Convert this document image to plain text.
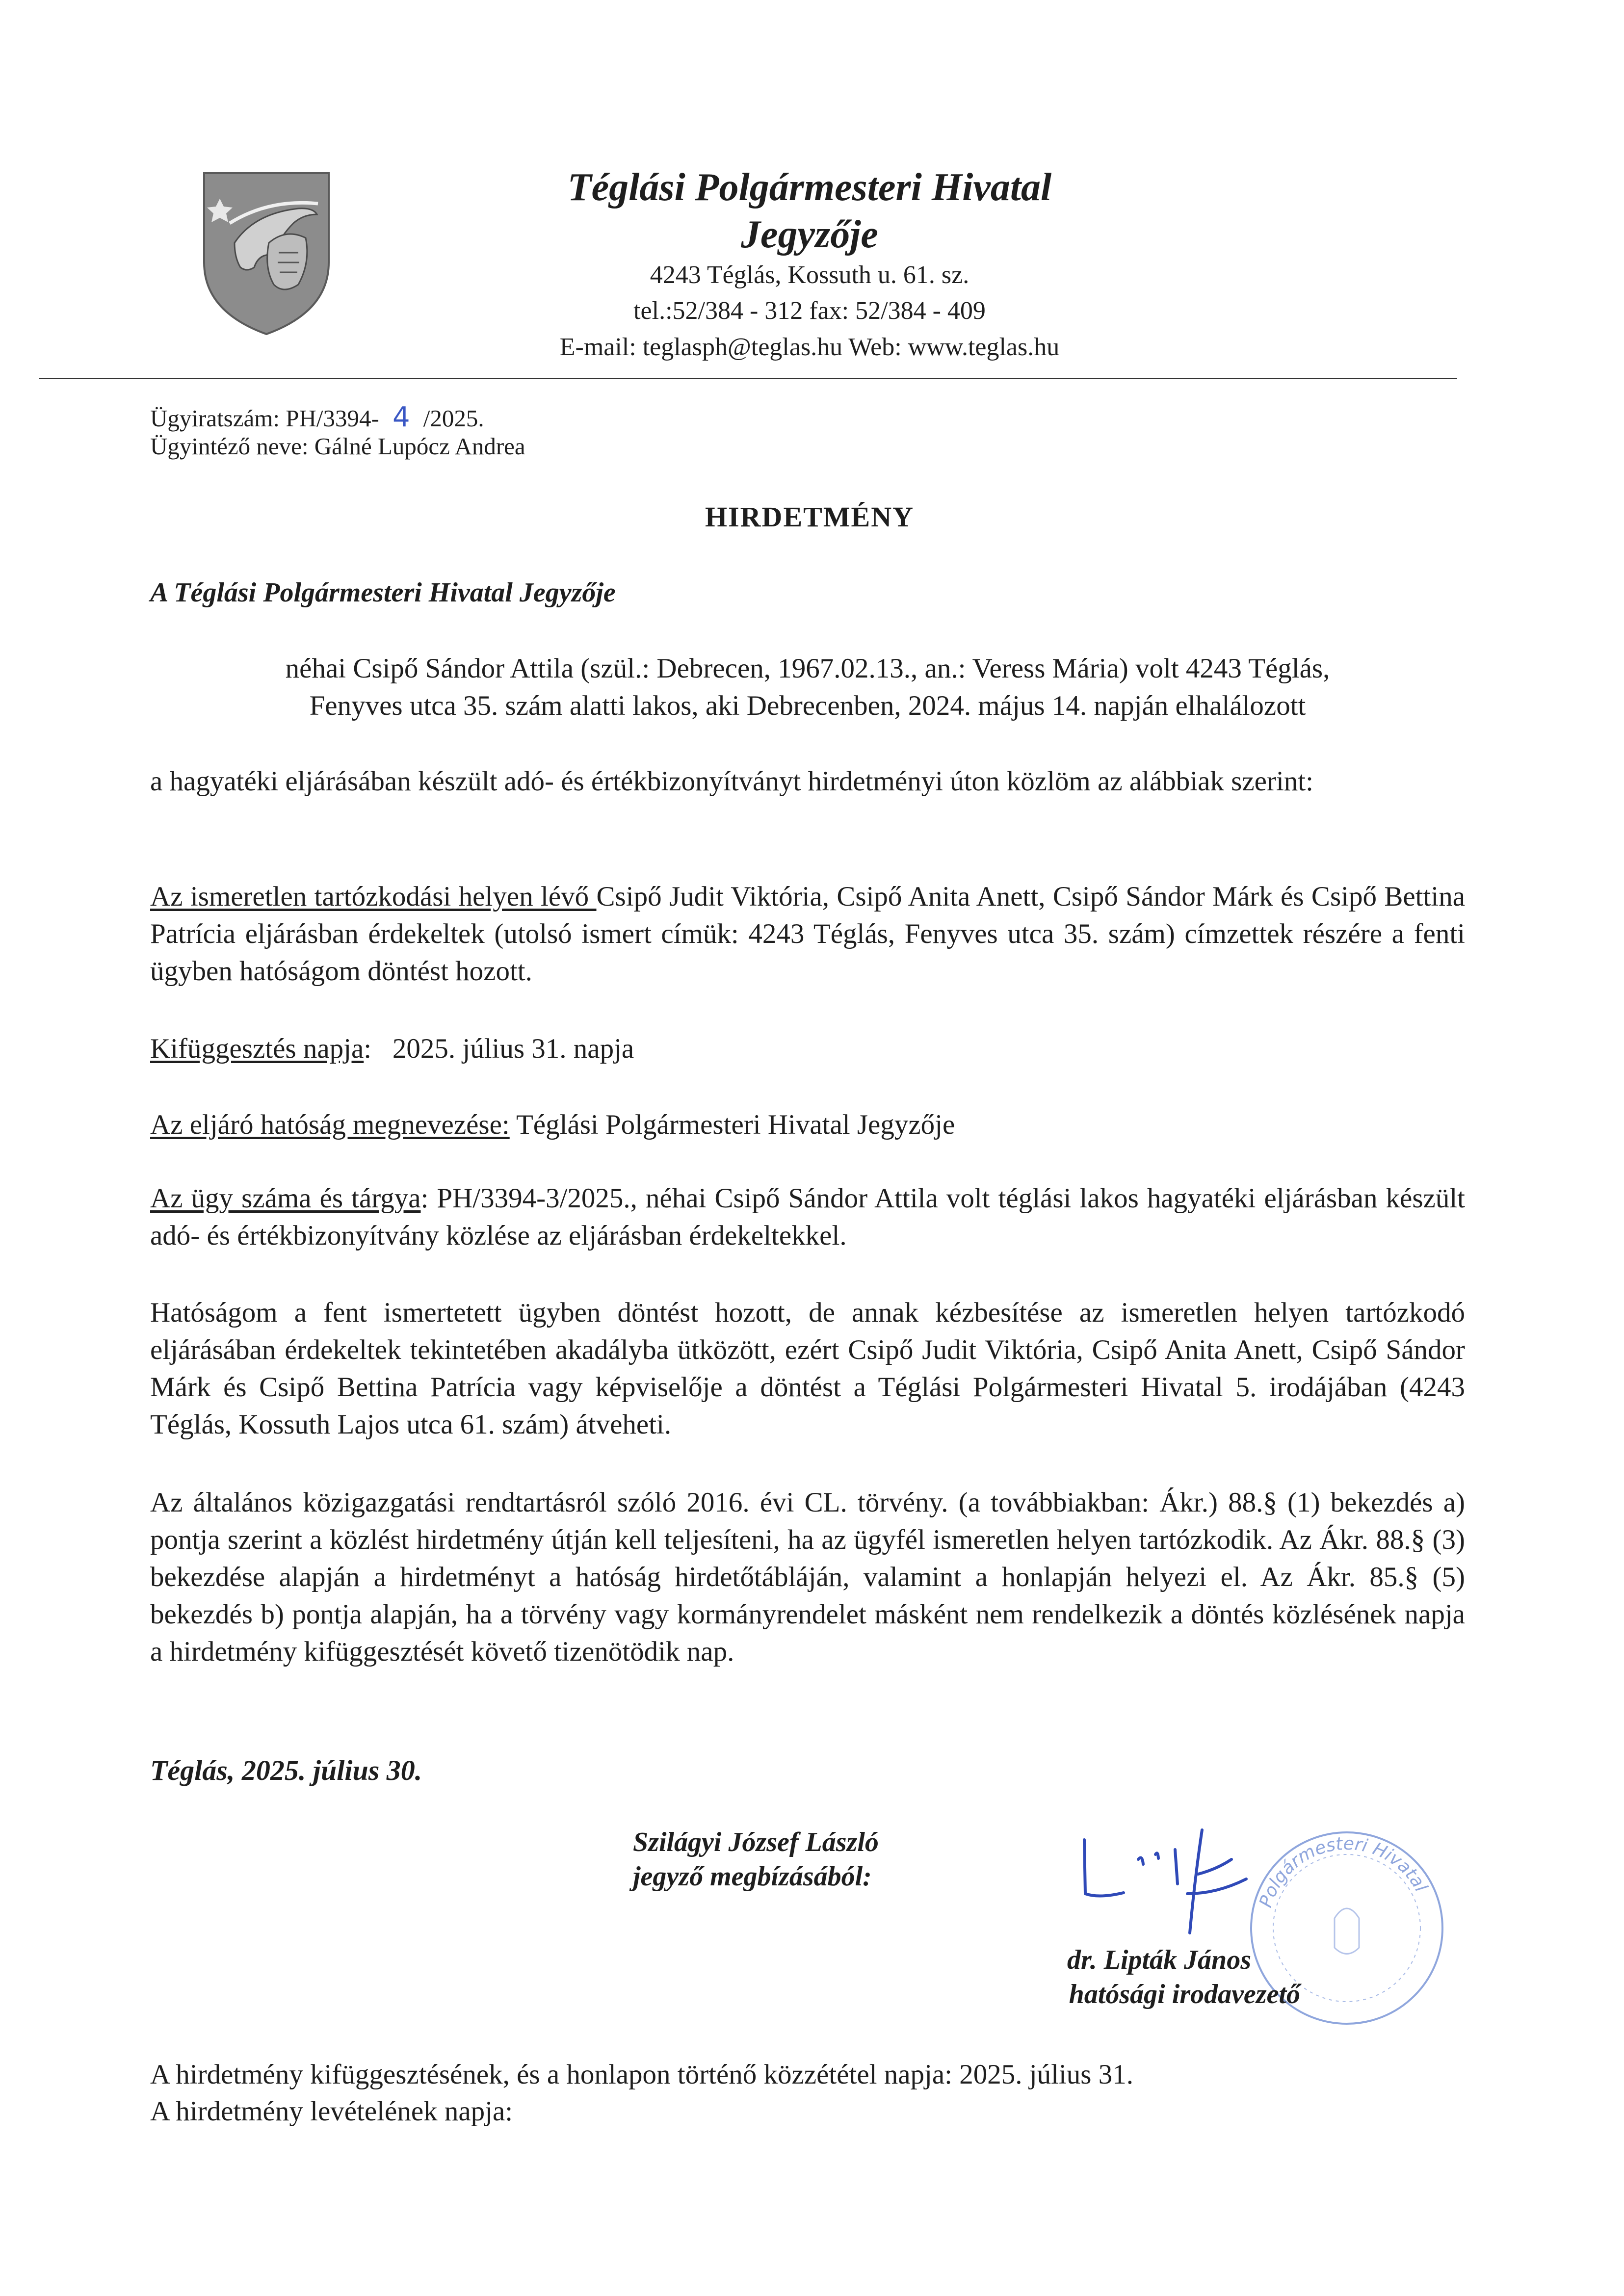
Téglási Polgármesteri Hivatal
Jegyzője
4243 Téglás, Kossuth u. 61. sz.
tel.:52/384 - 312 fax: 52/384 - 409
E-mail: teglasph@teglas.hu Web: www.teglas.hu
Ügyiratszám: PH/3394- 4 /2025.
Ügyintéző neve: Gálné Lupócz Andrea
HIRDETMÉNY
A Téglási Polgármesteri Hivatal Jegyzője
néhai Csipő Sándor Attila (szül.: Debrecen, 1967.02.13., an.: Veress Mária) volt 4243 Téglás,
Fenyves utca 35. szám alatti lakos, aki Debrecenben, 2024. május 14. napján elhalálozott
a hagyatéki eljárásában készült adó- és értékbizonyítványt hirdetményi úton közlöm az alábbiak szerint:
Az ismeretlen tartózkodási helyen lévő Csipő Judit Viktória, Csipő Anita Anett, Csipő Sándor Márk és Csipő Bettina Patrícia eljárásban érdekeltek (utolsó ismert címük: 4243 Téglás, Fenyves utca 35. szám) címzettek részére a fenti ügyben hatóságom döntést hozott.
Kifüggesztés napja:   2025. július 31. napja
Az eljáró hatóság megnevezése: Téglási Polgármesteri Hivatal Jegyzője
Az ügy száma és tárgya: PH/3394-3/2025., néhai Csipő Sándor Attila volt téglási lakos hagyatéki eljárásban készült adó- és értékbizonyítvány közlése az eljárásban érdekeltekkel.
Hatóságom a fent ismertetett ügyben döntést hozott, de annak kézbesítése az ismeretlen helyen tartózkodó eljárásában érdekeltek tekintetében akadályba ütközött, ezért Csipő Judit Viktória, Csipő Anita Anett, Csipő Sándor Márk és Csipő Bettina Patrícia vagy képviselője a döntést a Téglási Polgármesteri Hivatal 5. irodájában (4243 Téglás, Kossuth Lajos utca 61. szám) átveheti.
Az általános közigazgatási rendtartásról szóló 2016. évi CL. törvény. (a továbbiakban: Ákr.) 88.§ (1) bekezdés a) pontja szerint a közlést hirdetmény útján kell teljesíteni, ha az ügyfél ismeretlen helyen tartózkodik. Az Ákr. 88.§ (3) bekezdése alapján a hirdetményt a hatóság hirdetőtábláján, valamint a honlapján helyezi el. Az Ákr. 85.§ (5) bekezdés b) pontja alapján, ha a törvény vagy kormányrendelet másként nem rendelkezik a döntés közlésének napja a hirdetmény kifüggesztését követő tizenötödik nap.
Téglás, 2025. július 30.
Szilágyi József László
jegyző megbízásából:
Polgármesteri Hivatal
dr. Lipták János
hatósági irodavezető
A hirdetmény kifüggesztésének, és a honlapon történő közzététel napja: 2025. július 31.
A hirdetmény levételének napja:
